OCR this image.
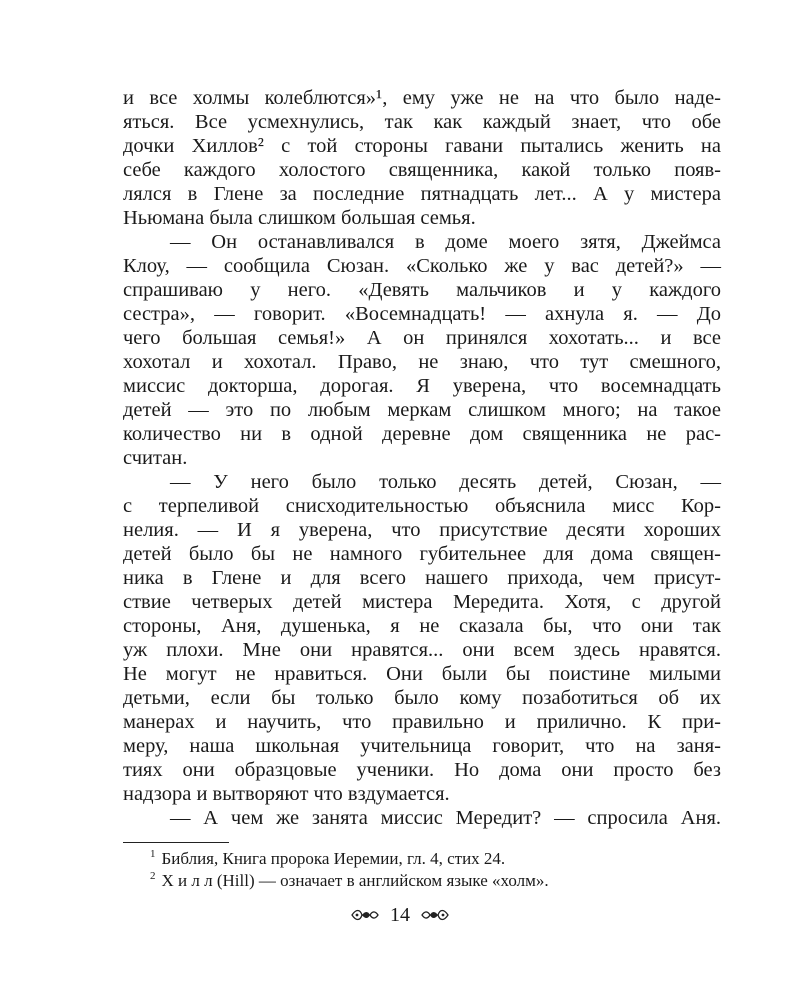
и все холмы колеблются»¹, ему уже не на что было наде-
яться. Все усмехнулись, так как каждый знает, что обе
дочки Хиллов² с той стороны гавани пытались женить на
себе каждого холостого священника, какой только появ-
лялся в Глене за последние пятнадцать лет... А у мистера
Ньюмана была слишком большая семья.
— Он останавливался в доме моего зятя, Джеймса
Клоу, — сообщила Сюзан. «Сколько же у вас детей?» —
спрашиваю у него. «Девять мальчиков и у каждого
сестра», — говорит. «Восемнадцать! — ахнула я. — До
чего большая семья!» А он принялся хохотать... и все
хохотал и хохотал. Право, не знаю, что тут смешного,
миссис докторша, дорогая. Я уверена, что восемнадцать
детей — это по любым меркам слишком много; на такое
количество ни в одной деревне дом священника не рас-
считан.
— У него было только десять детей, Сюзан, —
с терпеливой снисходительностью объяснила мисс Кор-
нелия. — И я уверена, что присутствие десяти хороших
детей было бы не намного губительнее для дома священ-
ника в Глене и для всего нашего прихода, чем присут-
ствие четверых детей мистера Мередита. Хотя, с другой
стороны, Аня, душенька, я не сказала бы, что они так
уж плохи. Мне они нравятся... они всем здесь нравятся.
Не могут не нравиться. Они были бы поистине милыми
детьми, если бы только было кому позаботиться об их
манерах и научить, что правильно и прилично. К при-
меру, наша школьная учительница говорит, что на заня-
тиях они образцовые ученики. Но дома они просто без
надзора и вытворяют что вздумается.
— А чем же занята миссис Мередит? — спросила Аня.
$^1$ Библия, Книга пророка Иеремии, гл. 4, стих 24.
$^2$ Х и л л (Hill) — означает в английском языке «холм».
14
